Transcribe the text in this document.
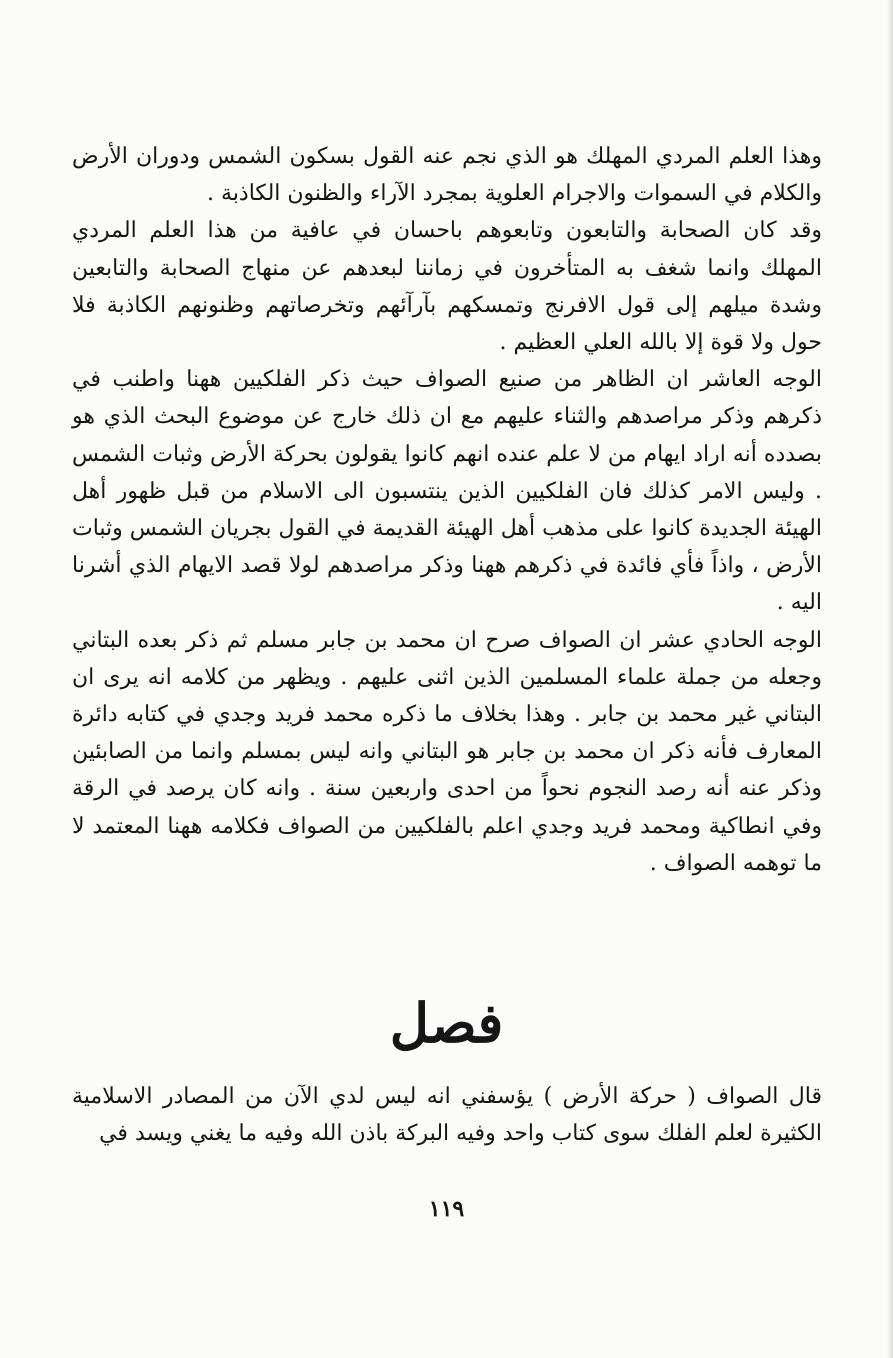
وهذا العلم المردي المهلك هو الذي نجم عنه القول بسكون الشمس ودوران الأرض والكلام في السموات والاجرام العلوية بمجرد الآراء والظنون الكاذبة .

وقد كان الصحابة والتابعون وتابعوهم باحسان في عافية من هذا العلم المردي المهلك وانما شغف به المتأخرون في زماننا لبعدهم عن منهاج الصحابة والتابعين وشدة ميلهم إلى قول الافرنج وتمسكهم بآرآئهم وتخرصاتهم وظنونهم الكاذبة فلا حول ولا قوة إلا بالله العلي العظيم .

الوجه العاشر ان الظاهر من صنيع الصواف حيث ذكر الفلكيين ههنا واطنب في ذكرهم وذكر مراصدهم والثناء عليهم مع ان ذلك خارج عن موضوع البحث الذي هو بصدده أنه اراد ايهام من لا علم عنده انهم كانوا يقولون بحركة الأرض وثبات الشمس . وليس الامر كذلك فان الفلكيين الذين ينتسبون الى الاسلام من قبل ظهور أهل الهيئة الجديدة كانوا على مذهب أهل الهيئة القديمة في القول بجريان الشمس وثبات الأرض ، واذاً فأي فائدة في ذكرهم ههنا وذكر مراصدهم لولا قصد الايهام الذي أشرنا اليه .

الوجه الحادي عشر ان الصواف صرح ان محمد بن جابر مسلم ثم ذكر بعده البتاني وجعله من جملة علماء المسلمين الذين اثنى عليهم . ويظهر من كلامه انه يرى ان البتاني غير محمد بن جابر . وهذا بخلاف ما ذكره محمد فريد وجدي في كتابه دائرة المعارف فأنه ذكر ان محمد بن جابر هو البتاني وانه ليس بمسلم وانما من الصابئين وذكر عنه أنه رصد النجوم نحواً من احدى واربعين سنة . وانه كان يرصد في الرقة وفي انطاكية ومحمد فريد وجدي اعلم بالفلكيين من الصواف فكلامه ههنا المعتمد لا ما توهمه الصواف .

فصل

قال الصواف ( حركة الأرض ) يؤسفني انه ليس لدي الآن من المصادر الاسلامية الكثيرة لعلم الفلك سوى كتاب واحد وفيه البركة باذن الله وفيه ما يغني ويسد في

١١٩
